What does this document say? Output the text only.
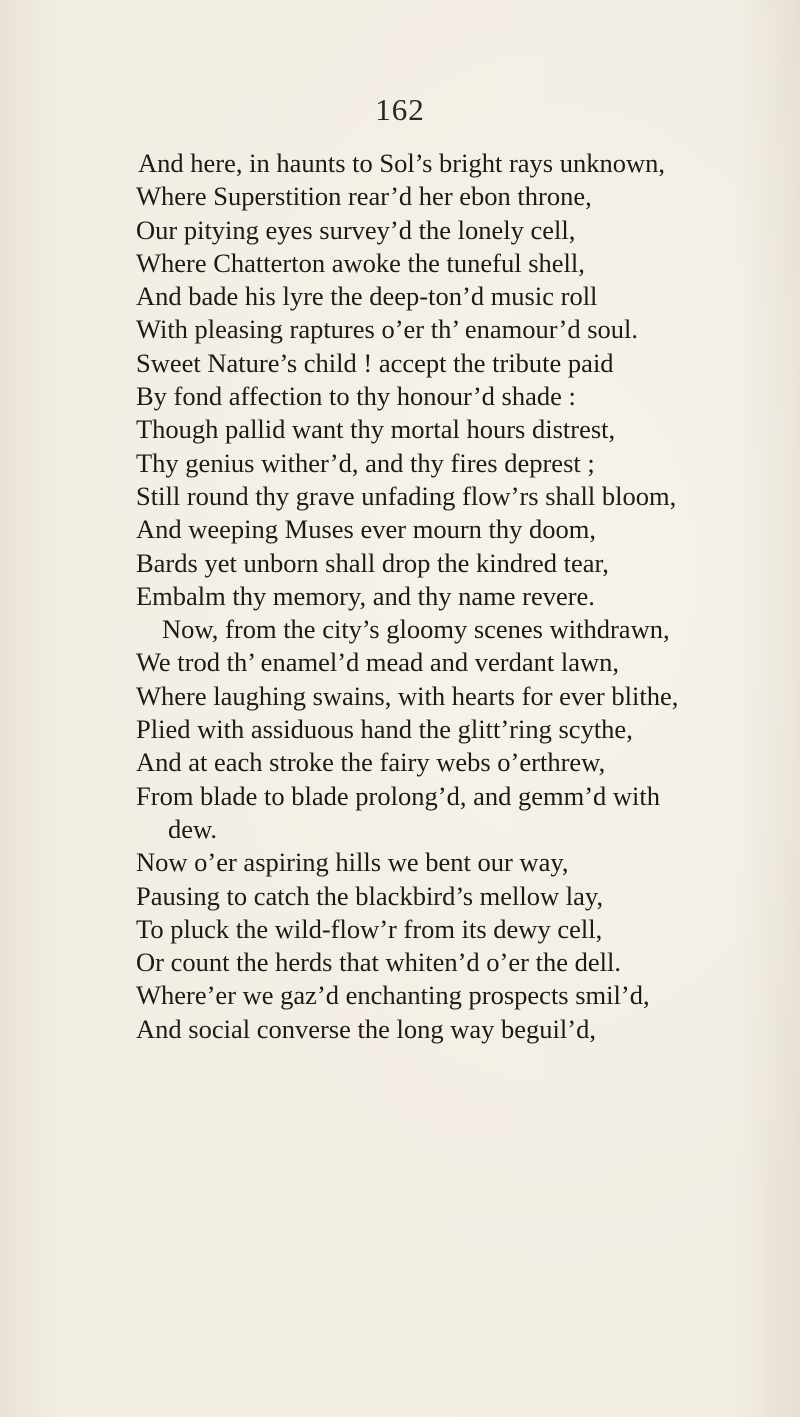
162
And here, in haunts to Sol’s bright rays unknown,
Where Superstition rear’d her ebon throne,
Our pitying eyes survey’d the lonely cell,
Where Chatterton awoke the tuneful shell,
And bade his lyre the deep-ton’d music roll
With pleasing raptures o’er th’ enamour’d soul.
Sweet Nature’s child ! accept the tribute paid
By fond affection to thy honour’d shade :
Though pallid want thy mortal hours distrest,
Thy genius wither’d, and thy fires deprest ;
Still round thy grave unfading flow’rs shall bloom,
And weeping Muses ever mourn thy doom,
Bards yet unborn shall drop the kindred tear,
Embalm thy memory, and thy name revere.
Now, from the city’s gloomy scenes withdrawn,
We trod th’ enamel’d mead and verdant lawn,
Where laughing swains, with hearts for ever blithe,
Plied with assiduous hand the glitt’ring scythe,
And at each stroke the fairy webs o’erthrew,
From blade to blade prolong’d, and gemm’d with
dew.
Now o’er aspiring hills we bent our way,
Pausing to catch the blackbird’s mellow lay,
To pluck the wild-flow’r from its dewy cell,
Or count the herds that whiten’d o’er the dell.
Where’er we gaz’d enchanting prospects smil’d,
And social converse the long way beguil’d,
